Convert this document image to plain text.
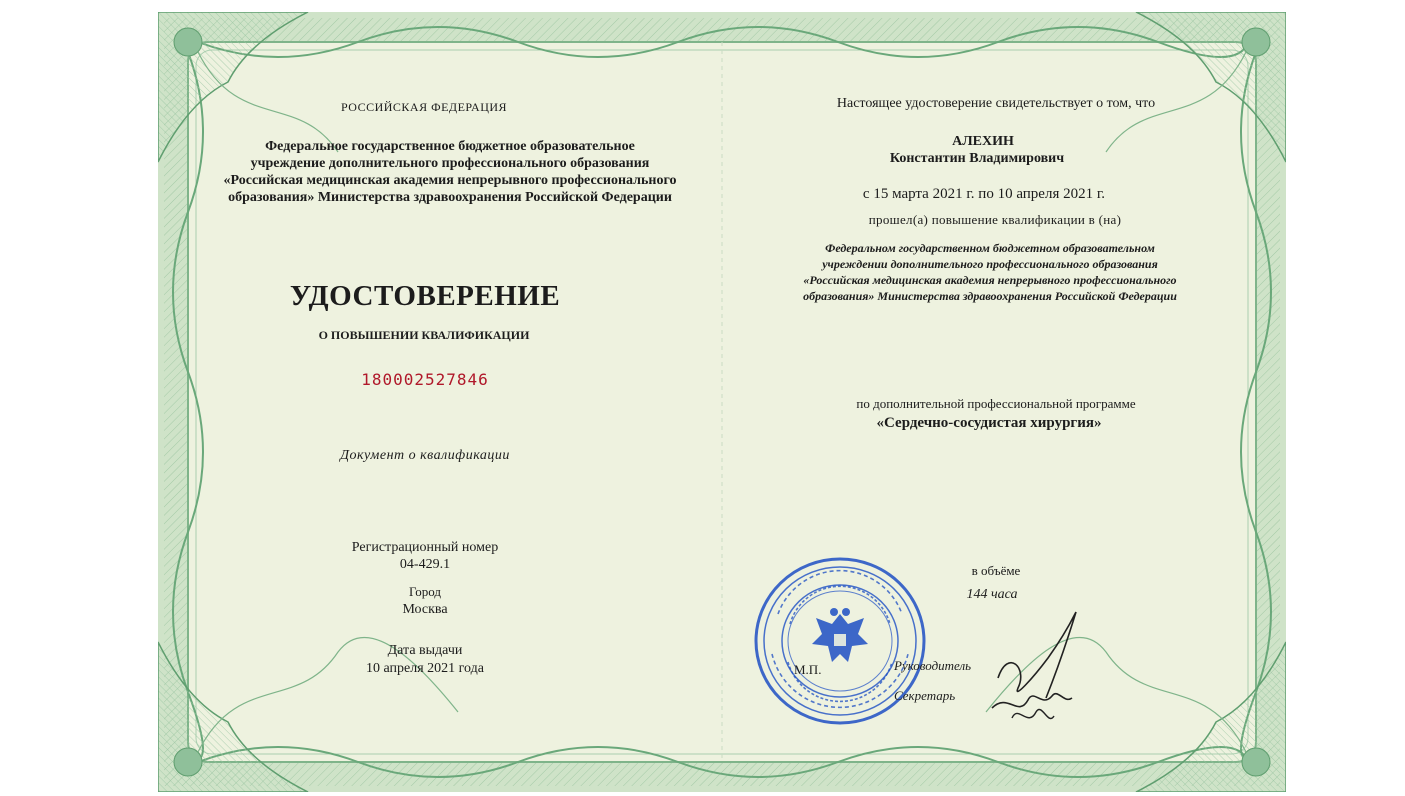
РОССИЙСКАЯ ФЕДЕРАЦИЯ
Федеральное государственное бюджетное образовательное
учреждение дополнительного профессионального образования
«Российская медицинская академия непрерывного профессионального
образования» Министерства здравоохранения Российской Федерации
УДОСТОВЕРЕНИЕ
О ПОВЫШЕНИИ КВАЛИФИКАЦИИ
180002527846
Документ о квалификации
Регистрационный номер
04-429.1
Город
Москва
Дата выдачи
10 апреля 2021 года
Настоящее удостоверение свидетельствует о том, что
АЛЕХИН
Константин Владимирович
с 15 марта 2021 г. по 10 апреля 2021 г.
прошел(а) повышение квалификации в (на)
Федеральном государственном бюджетном образовательном
учреждении дополнительного профессионального образования
«Российская медицинская академия непрерывного профессионального
образования» Министерства здравоохранения Российской Федерации
по дополнительной профессиональной программе
«Сердечно-сосудистая хирургия»
в объёме
144 часа
М.П.	Руководитель
Секретарь
